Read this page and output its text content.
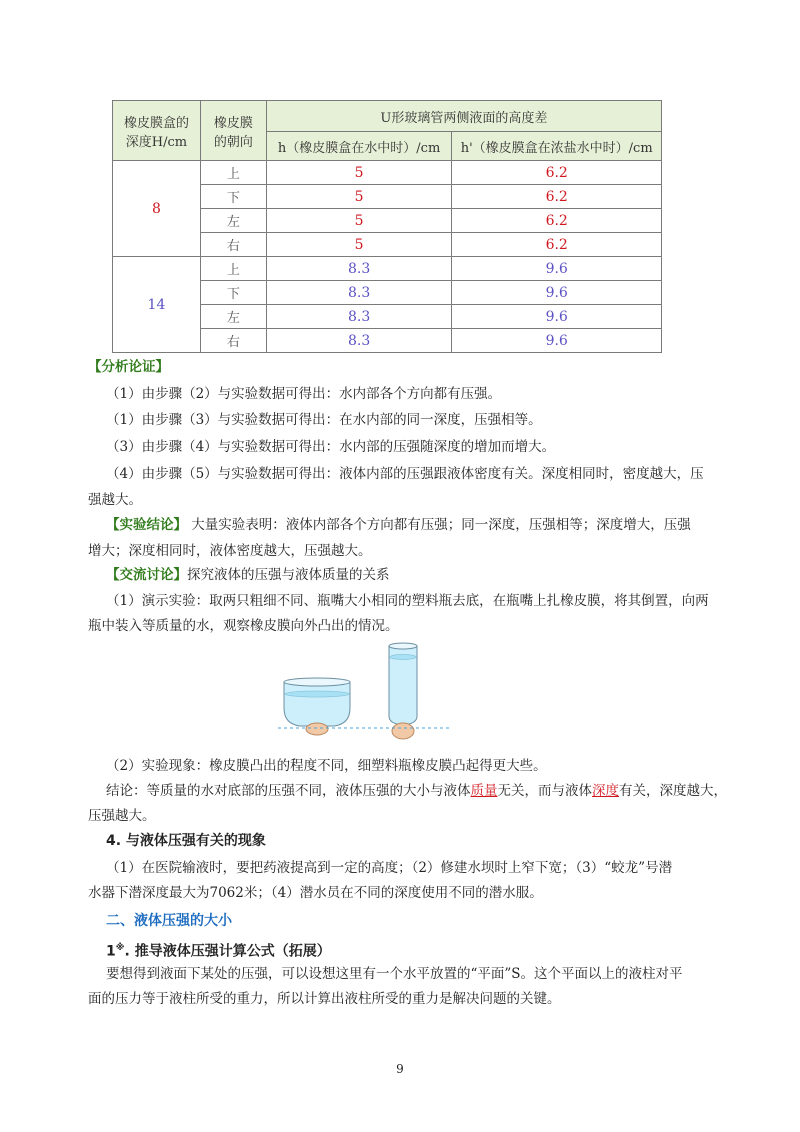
橡皮膜盒的深度H/cm	橡皮膜的朝向	U形玻璃管两侧液面的高度差	
		h（橡皮膜盒在水中时）/cm	h'（橡皮膜盒在浓盐水中时）/cm
8	上	5	6.2
	下	5	6.2
	左	5	6.2
	右	5	6.2
14	上	8.3	9.6
	下	8.3	9.6
	左	8.3	9.6
	右	8.3	9.6
【分析论证】
（1）由步骤（2）与实验数据可得出：水内部各个方向都有压强。
（1）由步骤（3）与实验数据可得出：在水内部的同一深度，压强相等。
（3）由步骤（4）与实验数据可得出：水内部的压强随深度的增加而增大。
（4）由步骤（5）与实验数据可得出：液体内部的压强跟液体密度有关。深度相同时，密度越大，压
强越大。
【实验结论】 大量实验表明：液体内部各个方向都有压强；同一深度，压强相等；深度增大，压强
增大；深度相同时，液体密度越大，压强越大。
【交流讨论】探究液体的压强与液体质量的关系
（1）演示实验：取两只粗细不同、瓶嘴大小相同的塑料瓶去底，在瓶嘴上扎橡皮膜，将其倒置，向两
瓶中装入等质量的水，观察橡皮膜向外凸出的情况。
（2）实验现象：橡皮膜凸出的程度不同，细塑料瓶橡皮膜凸起得更大些。
结论：等质量的水对底部的压强不同，液体压强的大小与液体质量无关，而与液体深度有关，深度越大，
压强越大。
4. 与液体压强有关的现象
（1）在医院输液时，要把药液提高到一定的高度；（2）修建水坝时上窄下宽；（3）“蛟龙”号潜
水器下潜深度最大为7062米；（4）潜水员在不同的深度使用不同的潜水服。
二、液体压强的大小
1※. 推导液体压强计算公式（拓展）
要想得到液面下某处的压强，可以设想这里有一个水平放置的“平面”S。这个平面以上的液柱对平
面的压力等于液柱所受的重力，所以计算出液柱所受的重力是解决问题的关键。
9
